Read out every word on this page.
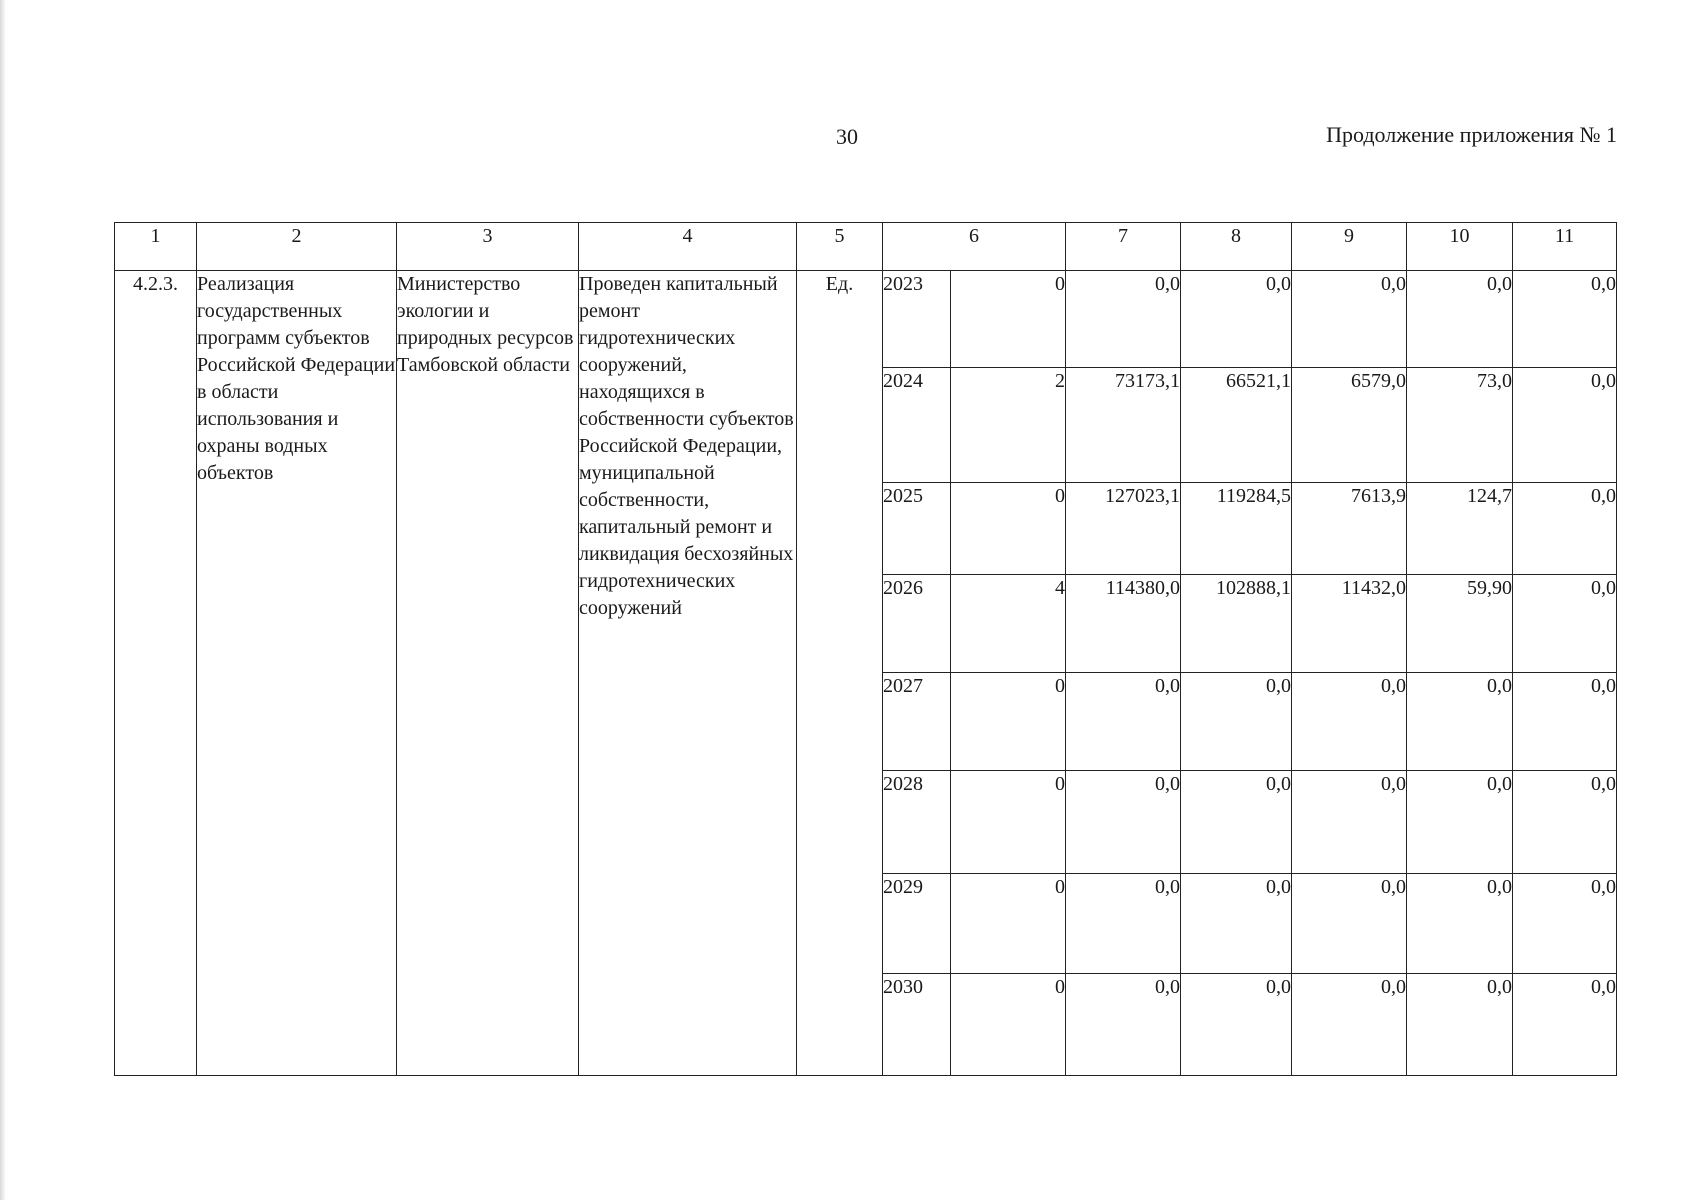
30	Продолжение приложения № 1
1	2	3	4	5	6		7	8	9	10	11
4.2.3.	Реализация государственных программ субъектов Российской Федерации в области использования и охраны водных объектов	Министерство экологии и природных ресурсов Тамбовской области	Проведен капитальный ремонт гидротехнических сооружений, находящихся в собственности субъектов Российской Федерации, муниципальной собственности, капитальный ремонт и ликвидация бесхозяйных гидротехнических сооружений	Ед.	2023	0	0,0	0,0	0,0	0,0	0,0
					2024	2	73173,1	66521,1	6579,0	73,0	0,0
					2025	0	127023,1	119284,5	7613,9	124,7	0,0
					2026	4	114380,0	102888,1	11432,0	59,90	0,0
					2027	0	0,0	0,0	0,0	0,0	0,0
					2028	0	0,0	0,0	0,0	0,0	0,0
					2029	0	0,0	0,0	0,0	0,0	0,0
					2030	0	0,0	0,0	0,0	0,0	0,0
